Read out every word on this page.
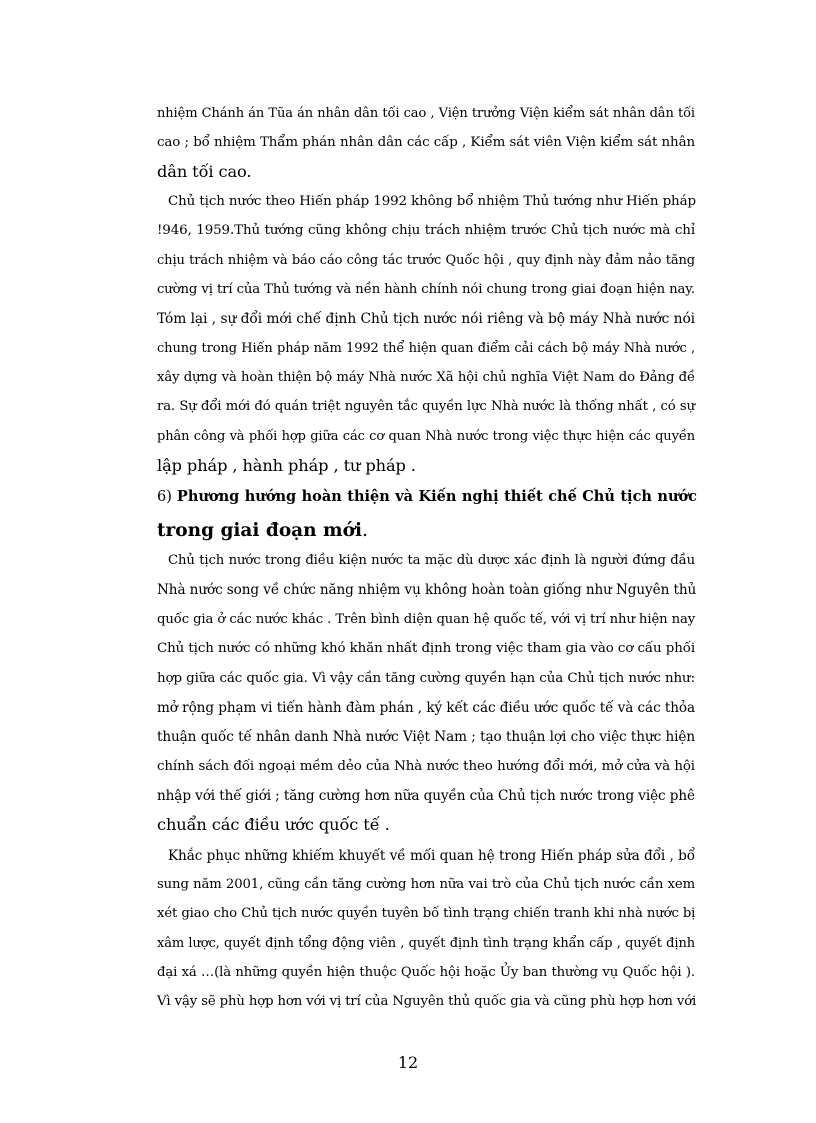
nhiệm Chánh án Tũa án nhân dân tối cao , Viện trưởng Viện kiểm sát nhân dân tối
cao ; bổ nhiệm Thẩm phán nhân dân các cấp , Kiểm sát viên Viện kiểm sát nhân
dân tối cao.
Chủ tịch nước theo Hiến pháp 1992 không bổ nhiệm Thủ tướng như Hiến pháp
!946, 1959.Thủ tướng cũng không chịu trách nhiệm trước Chủ tịch nước mà chỉ
chịu trách nhiệm và báo cáo công tác trước Quốc hội , quy định này đảm nảo tăng
cường vị trí của Thủ tướng và nền hành chính nói chung trong giai đoạn hiện nay.
Tóm lại , sự đổi mới chế định Chủ tịch nước nói riêng và bộ máy Nhà nước nói
chung trong Hiến pháp năm 1992 thể hiện quan điểm cải cách bộ máy Nhà nước ,
xây dựng và hoàn thiện bộ máy Nhà nước Xã hội chủ nghĩa Việt Nam do Đảng đề
ra. Sự đổi mới đó quán triệt nguyên tắc quyền lực Nhà nước là thống nhất , có sự
phân công và phối hợp giữa các cơ quan Nhà nước trong việc thực hiện các quyền
lập pháp , hành pháp , tư pháp .
6) Phương hướng hoàn thiện và Kiến nghị thiết chế Chủ tịch nước
trong giai đoạn mới.
Chủ tịch nước trong điều kiện nước ta mặc dù dược xác định là người đứng đầu
Nhà nước song về chức năng nhiệm vụ không hoàn toàn giống như Nguyên thủ
quốc gia ở các nước khác . Trên bình diện quan hệ quốc tế, với vị trí như hiện nay
Chủ tịch nước có những khó khăn nhất định trong việc tham gia vào cơ cấu phối
hợp giữa các quốc gia. Vì vậy cần tăng cường quyền hạn của Chủ tịch nước như:
mở rộng phạm vi tiến hành đàm phán , ký kết các điều ước quốc tế và các thỏa
thuận quốc tế nhân danh Nhà nước Việt Nam ; tạo thuận lợi cho việc thực hiện
chính sách đối ngoại mềm dẻo của Nhà nước theo hướng đổi mới, mở cửa và hội
nhập với thế giới ; tăng cường hơn nữa quyền của Chủ tịch nước trong việc phê
chuẩn các điều ước quốc tế .
Khắc phục những khiếm khuyết về mối quan hệ trong Hiến pháp sửa đổi , bổ
sung năm 2001, cũng cần tăng cường hơn nữa vai trò của Chủ tịch nước cần xem
xét giao cho Chủ tịch nước quyền tuyên bố tình trạng chiến tranh khi nhà nước bị
xâm lược, quyết định tổng động viên , quyết định tình trạng khẩn cấp , quyết định
đại xá …(là những quyền hiện thuộc Quốc hội hoặc Ủy ban thường vụ Quốc hội ).
Vì vậy sẽ phù hợp hơn với vị trí của Nguyên thủ quốc gia và cũng phù hợp hơn với
12
